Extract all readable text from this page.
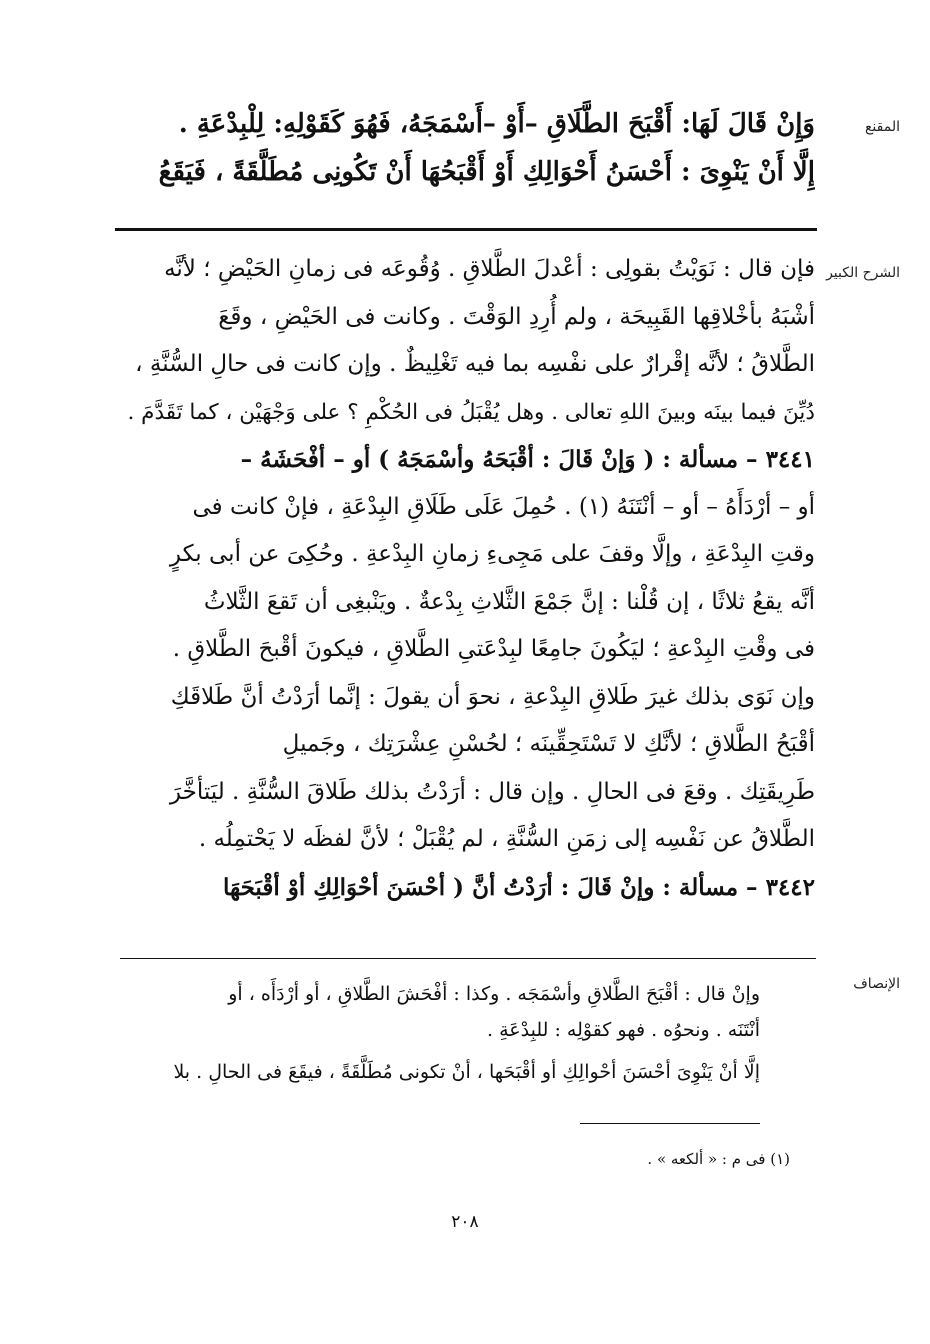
المقنع
وَإِنْ قَالَ لَهَا: أَقْبَحَ الطَّلَاقِ –أَوْ –أَسْمَجَهُ، فَهُوَ كَقَوْلِهِ: لِلْبِدْعَةِ .
إِلَّا أَنْ يَنْوِىَ : أَحْسَنُ أَحْوَالِكِ أَوْ أَقْبَحُهَا أَنْ تَكُونِى مُطَلَّقَةً ، فَيَقَعُ
الشرح الكبير
فإن قال : نَوَيْتُ بقولِى : أعْدلَ الطَّلاقِ . وُقُوعَه فى زمانِ الحَيْضِ ؛ لأنَّه
أشْبَهُ بأخْلاقِها القَبِيحَة ، ولم أُرِدِ الوَقْتَ . وكانت فى الحَيْضِ ، وقَعَ
الطَّلاقُ ؛ لأنَّه إقْرارٌ على نفْسِه بما فيه تَغْلِيظٌ . وإن كانت فى حالِ السُّنَّةِ ،
دُيِّنَ فيما بينَه وبينَ اللهِ تعالى . وهل يُقْبَلُ فى الحُكْمِ ؟ على وَجْهَيْن ، كما تَقَدَّمَ .
٣٤٤١ – مسألة : ( وَإنْ قَالَ : أقْبَحَهُ وأسْمَجَهُ ) أو – أفْحَشَهُ –
أو – أرْدَأَهُ – أو – أنْتَنَهُ (١) . حُمِلَ عَلَى طَلَاقِ البِدْعَةِ ، فإنْ كانت فى
وقتِ البِدْعَةِ ، وإلَّا وقفَ على مَجِىءِ زمانِ البِدْعةِ . وحُكِىَ عن أبى بكرٍ
أنَّه يقعُ ثلاثًا ، إن قُلْنا : إنَّ جَمْعَ الثَّلاثِ بِدْعةٌ . ويَنْبغِى أن تَقعَ الثَّلاثُ
فى وقْتِ البِدْعةِ ؛ ليَكُونَ جامِعًا لبِدْعَتىِ الطَّلاقِ ، فيكونَ أقْبحَ الطَّلاقِ .
وإن نَوَى بذلك غيرَ طَلاقِ البِدْعةِ ، نحوَ أن يقولَ : إنَّما أرَدْتُ أنَّ طَلاقَكِ
أقْبَحُ الطَّلاقِ ؛ لأنَّكِ لا تَسْتَحِقِّينَه ؛ لحُسْنِ عِشْرَتِك ، وجَميلِ
طَرِيقَتِك . وقعَ فى الحالِ . وإن قال : أرَدْتُ بذلك طَلاقَ السُّنَّةِ . ليَتأخَّرَ
الطَّلاقُ عن نَفْسِه إلى زمَنِ السُّنَّةِ ، لم يُقْبَلْ ؛ لأنَّ لفظَه لا يَحْتمِلُه .
٣٤٤٢ – مسألة : وإنْ قَالَ : أرَدْتُ أنَّ ( أحْسَنَ أحْوَالِكِ أوْ أقْبَحَهَا
الإنصاف
وإنْ قال : أقْبَحَ الطَّلاقِ وأسْمَجَه . وكذا : أفْحَشَ الطَّلاقِ ، أو أرْدَأَه ، أو
أنْتَنَه . ونحوُه . فهو كقوْلِه : للبِدْعَةِ .
إلَّا أنْ يَنْوِىَ أحْسَنَ أحْوالِكِ أو أقْبَحَها ، أنْ تكونى مُطَلَّقَةً ، فيقَعَ فى الحالِ . بلا
(١) فى م : « ألكعه » .
٢٠٨
